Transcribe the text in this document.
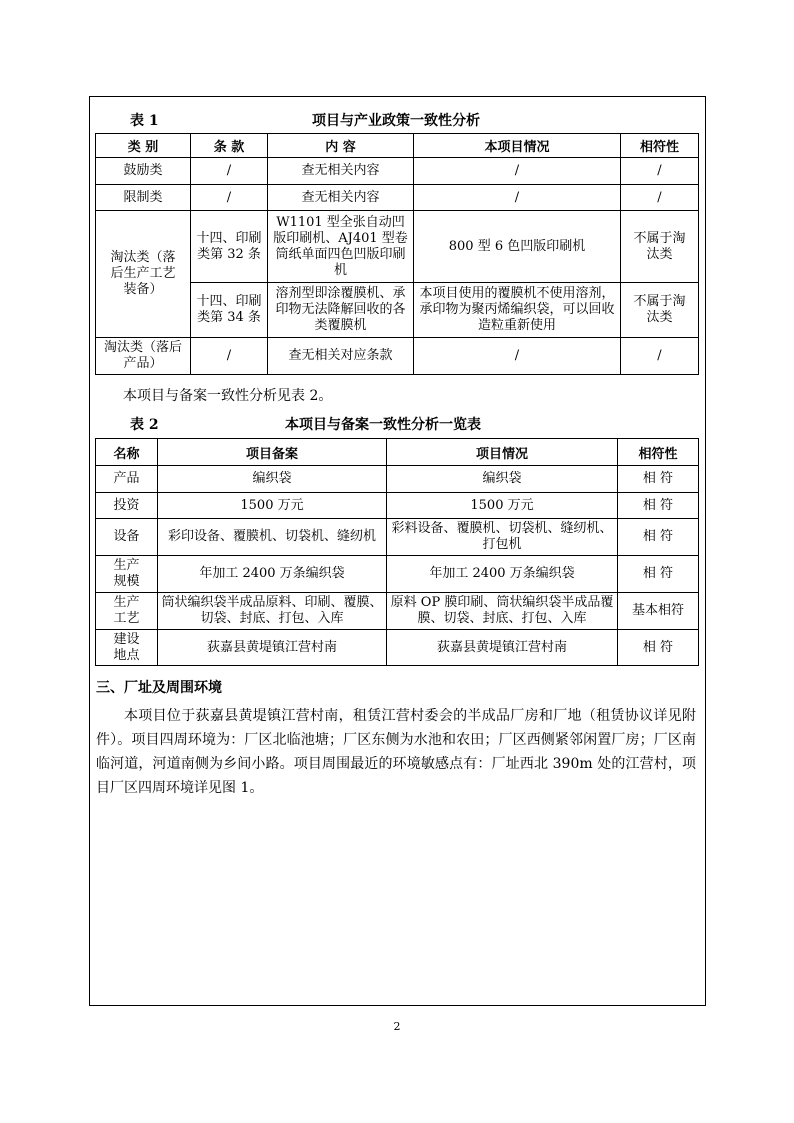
表 1	项目与产业政策一致性分析
类 别	条 款	内 容	本项目情况	相符性
鼓励类	/	查无相关内容	/	/
限制类	/	查无相关内容	/	/
淘汰类（落后生产工艺装备）	十四、印刷类第 32 条	W1101 型全张自动凹版印刷机、AJ401 型卷筒纸单面四色凹版印刷机	800 型 6 色凹版印刷机	不属于淘汰类
	十四、印刷类第 34 条	溶剂型即涂覆膜机、承印物无法降解回收的各类覆膜机	本项目使用的覆膜机不使用溶剂，承印物为聚丙烯编织袋，可以回收造粒重新使用	不属于淘汰类
淘汰类（落后产品）	/	查无相关对应条款	/	/
本项目与备案一致性分析见表 2。
表 2	本项目与备案一致性分析一览表
名称	项目备案	项目情况	相符性
产品	编织袋	编织袋	相 符
投资	1500 万元	1500 万元	相 符
设备	彩印设备、覆膜机、切袋机、缝纫机	彩料设备、覆膜机、切袋机、缝纫机、打包机	相 符
生产规模	年加工 2400 万条编织袋	年加工 2400 万条编织袋	相 符
生产工艺	筒状编织袋半成品原料、印刷、覆膜、切袋、封底、打包、入库	原料 OP 膜印刷、筒状编织袋半成品覆膜、切袋、封底、打包、入库	基本相符
建设地点	荻嘉县黄堤镇江营村南	荻嘉县黄堤镇江营村南	相 符
三、厂址及周围环境
本项目位于荻嘉县黄堤镇江营村南，租赁江营村委会的半成品厂房和厂地（租赁协议详见附件）。项目四周环境为：厂区北临池塘；厂区东侧为水池和农田；厂区西侧紧邻闲置厂房；厂区南临河道，河道南侧为乡间小路。项目周围最近的环境敏感点有：厂址西北 390m 处的江营村，项目厂区四周环境详见图 1。
2
